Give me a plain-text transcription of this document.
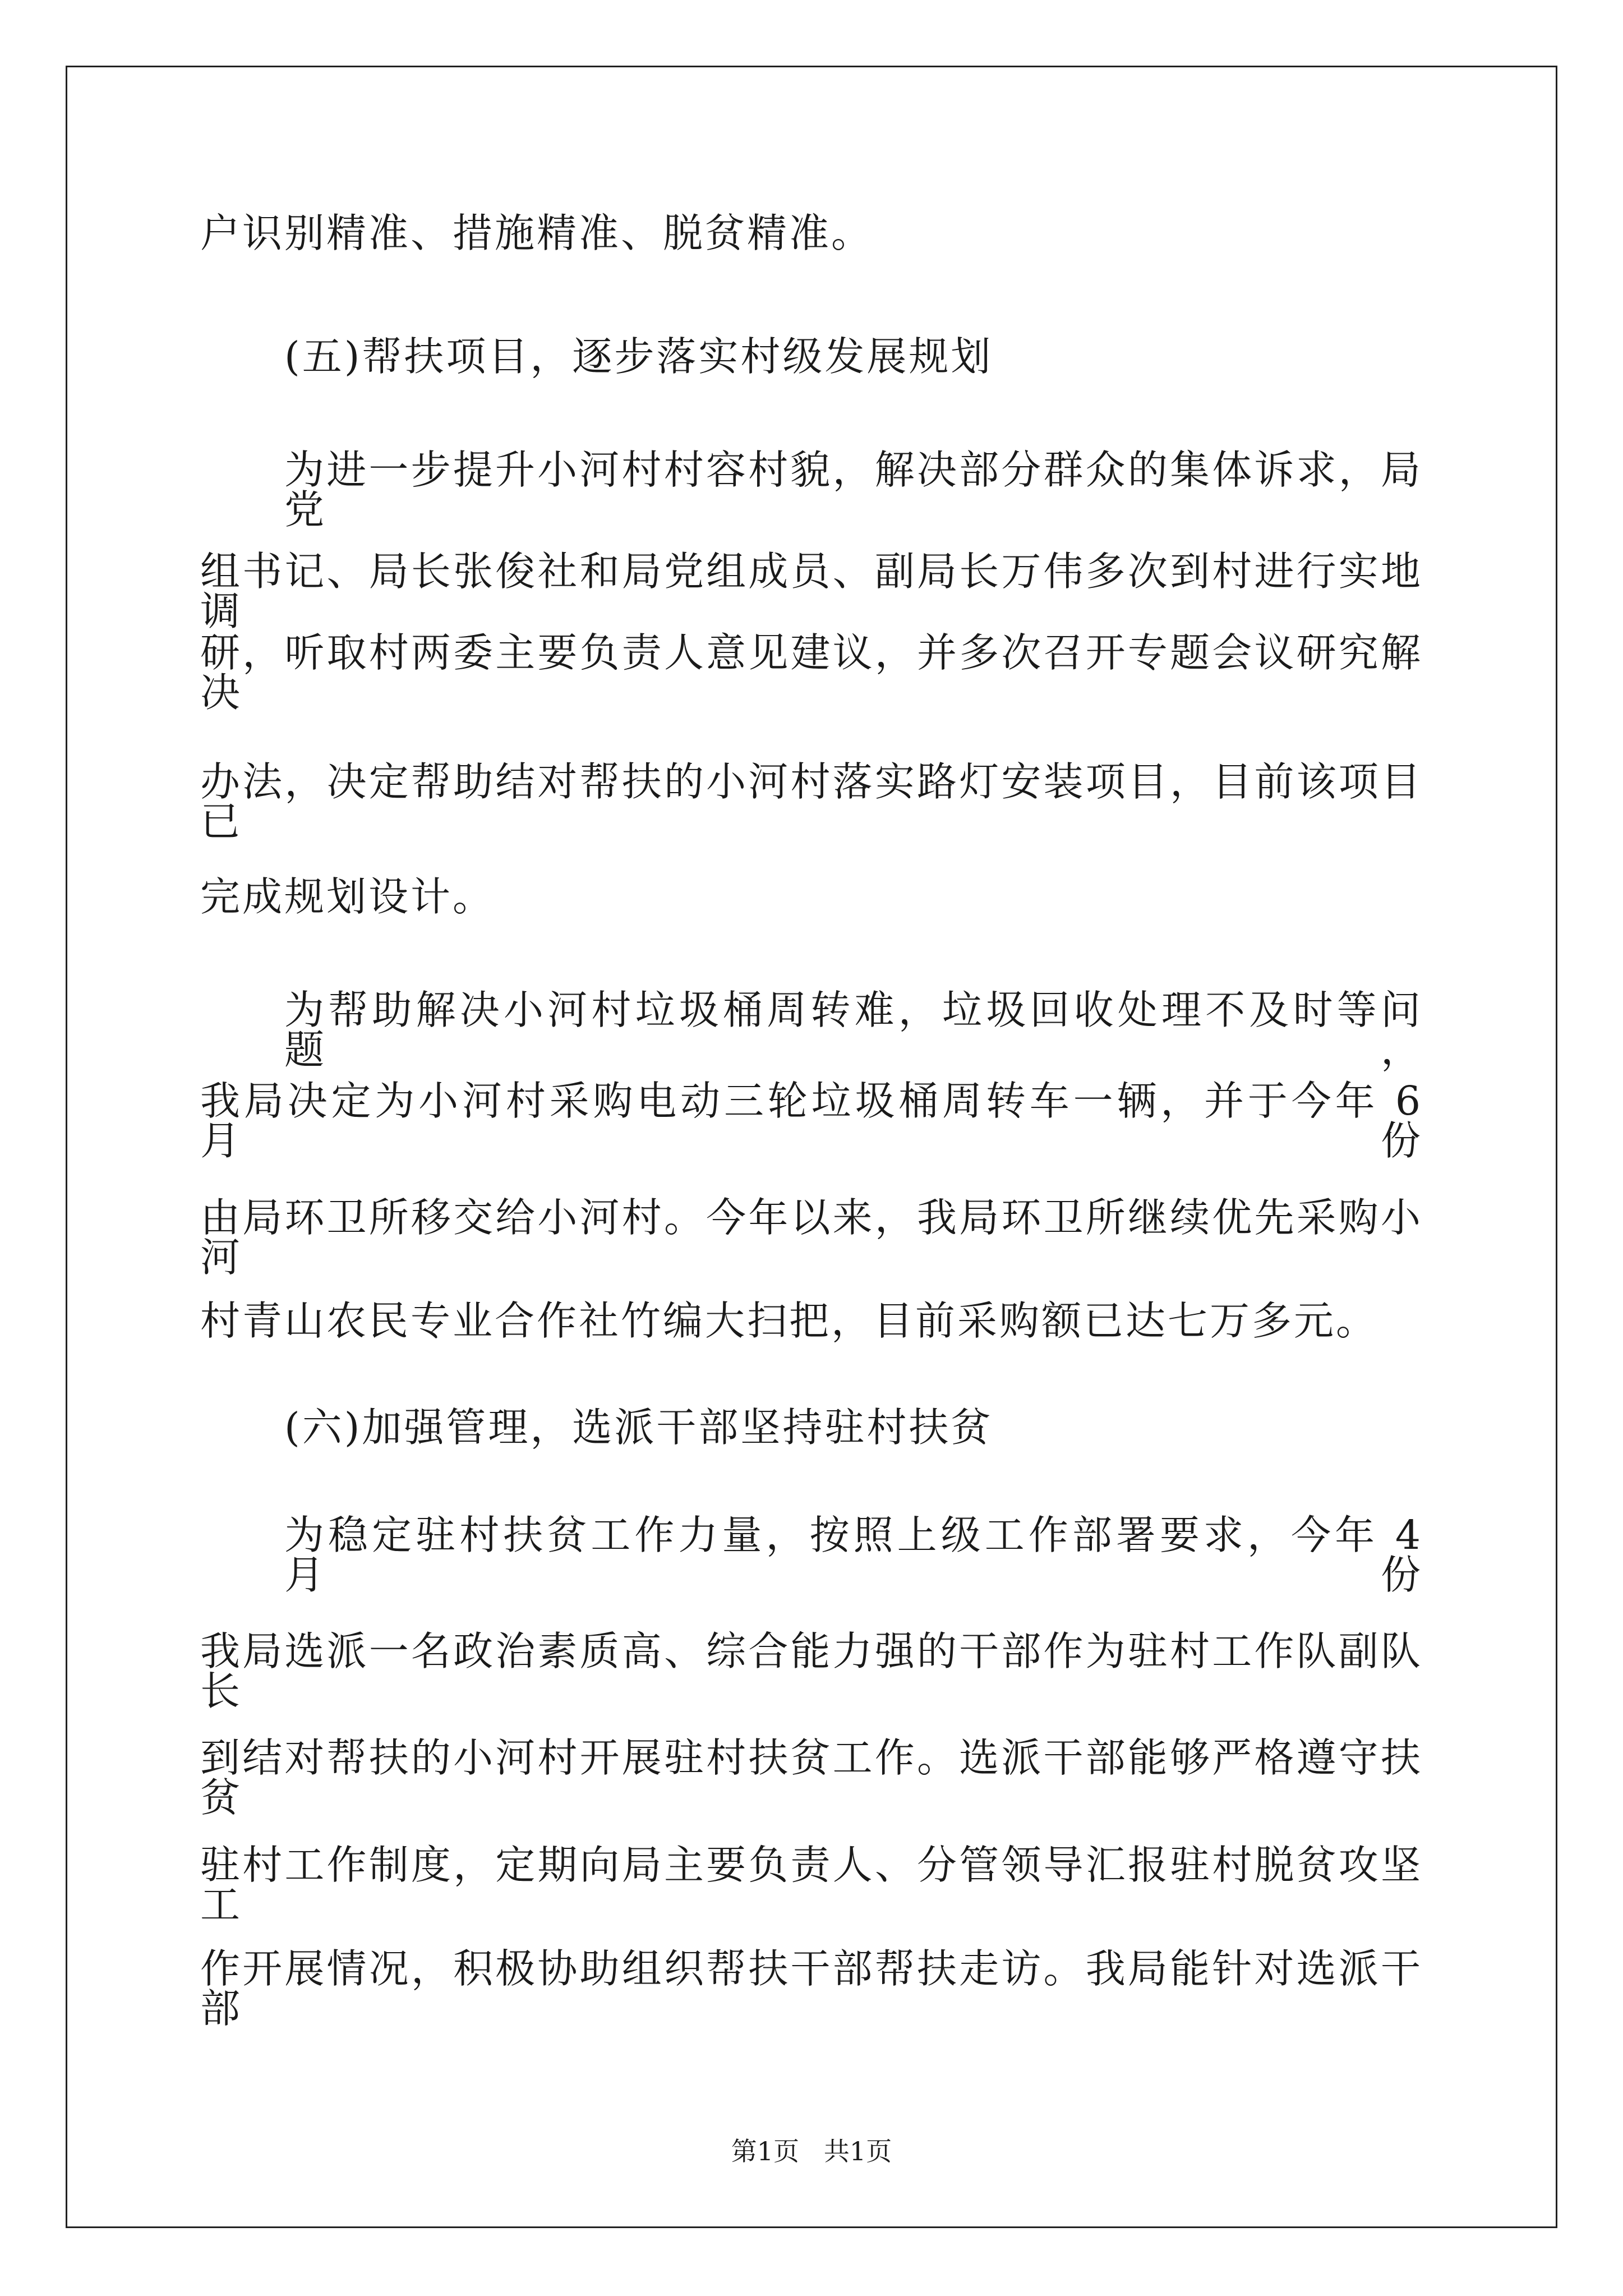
户识别精准、措施精准、脱贫精准。
(五)帮扶项目，逐步落实村级发展规划
为进一步提升小河村村容村貌，解决部分群众的集体诉求，局党
组书记、局长张俊社和局党组成员、副局长万伟多次到村进行实地调
研，听取村两委主要负责人意见建议，并多次召开专题会议研究解决
办法，决定帮助结对帮扶的小河村落实路灯安装项目，目前该项目已
完成规划设计。
为帮助解决小河村垃圾桶周转难，垃圾回收处理不及时等问题，
我局决定为小河村采购电动三轮垃圾桶周转车一辆，并于今年 6 月份
由局环卫所移交给小河村。今年以来，我局环卫所继续优先采购小河
村青山农民专业合作社竹编大扫把，目前采购额已达七万多元。
(六)加强管理，选派干部坚持驻村扶贫
为稳定驻村扶贫工作力量，按照上级工作部署要求，今年 4 月份
我局选派一名政治素质高、综合能力强的干部作为驻村工作队副队长
到结对帮扶的小河村开展驻村扶贫工作。选派干部能够严格遵守扶贫
驻村工作制度，定期向局主要负责人、分管领导汇报驻村脱贫攻坚工
作开展情况，积极协助组织帮扶干部帮扶走访。我局能针对选派干部
第1页   共1页
